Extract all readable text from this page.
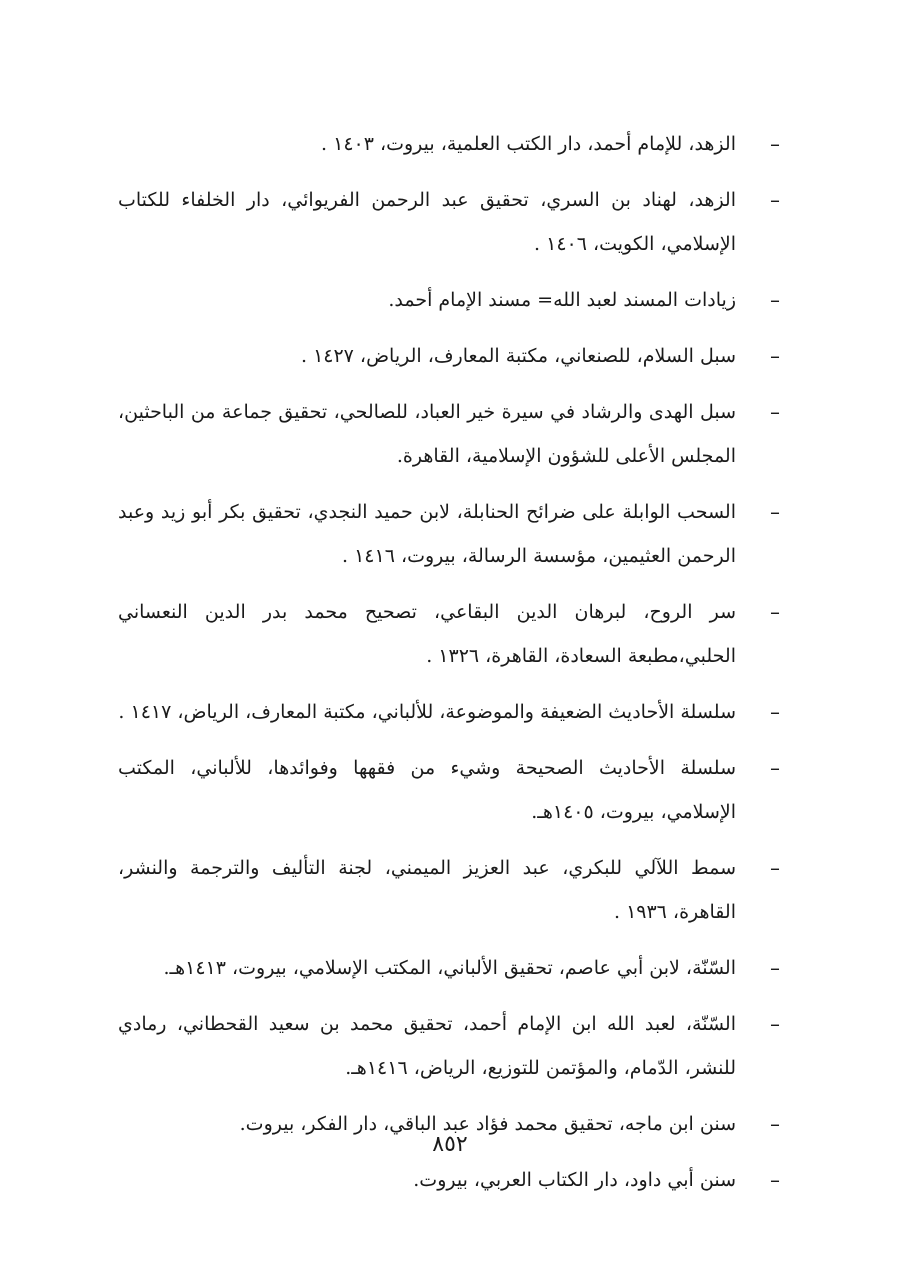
–
الزهد، للإمام أحمد، دار الكتب العلمية، بيروت، ١٤٠٣ .
–
الزهد، لهناد بن السري، تحقيق عبد الرحمن الفريوائي، دار الخلفاء للكتاب الإسلامي، الكويت، ١٤٠٦ .
–
زيادات المسند لعبد الله= مسند الإمام أحمد.
–
سبل السلام، للصنعاني، مكتبة المعارف، الرياض، ١٤٢٧ .
–
سبل الهدى والرشاد في سيرة خير العباد، للصالحي، تحقيق جماعة من الباحثين، المجلس الأعلى للشؤون الإسلامية، القاهرة.
–
السحب الوابلة على ضرائح الحنابلة، لابن حميد النجدي، تحقيق بكر أبو زيد وعبد الرحمن العثيمين، مؤسسة الرسالة، بيروت، ١٤١٦ .
–
سر الروح، لبرهان الدين البقاعي، تصحيح محمد بدر الدين النعساني الحلبي،مطبعة السعادة، القاهرة، ١٣٢٦ .
–
سلسلة الأحاديث الضعيفة والموضوعة، للألباني، مكتبة المعارف، الرياض، ١٤١٧ .
–
سلسلة الأحاديث الصحيحة وشيء من فقهها وفوائدها، للألباني، المكتب الإسلامي، بيروت، ١٤٠٥هـ.
–
سمط اللآلي للبكري، عبد العزيز الميمني، لجنة التأليف والترجمة والنشر، القاهرة، ١٩٣٦ .
–
السّنّة، لابن أبي عاصم، تحقيق الألباني، المكتب الإسلامي، بيروت، ١٤١٣هـ.
–
السّنّة، لعبد الله ابن الإمام أحمد، تحقيق محمد بن سعيد القحطاني، رمادي للنشر، الدّمام، والمؤتمن للتوزيع، الرياض، ١٤١٦هـ.
–
سنن ابن ماجه، تحقيق محمد فؤاد عبد الباقي، دار الفكر، بيروت.
–
سنن أبي داود، دار الكتاب العربي، بيروت.
٨٥٢
